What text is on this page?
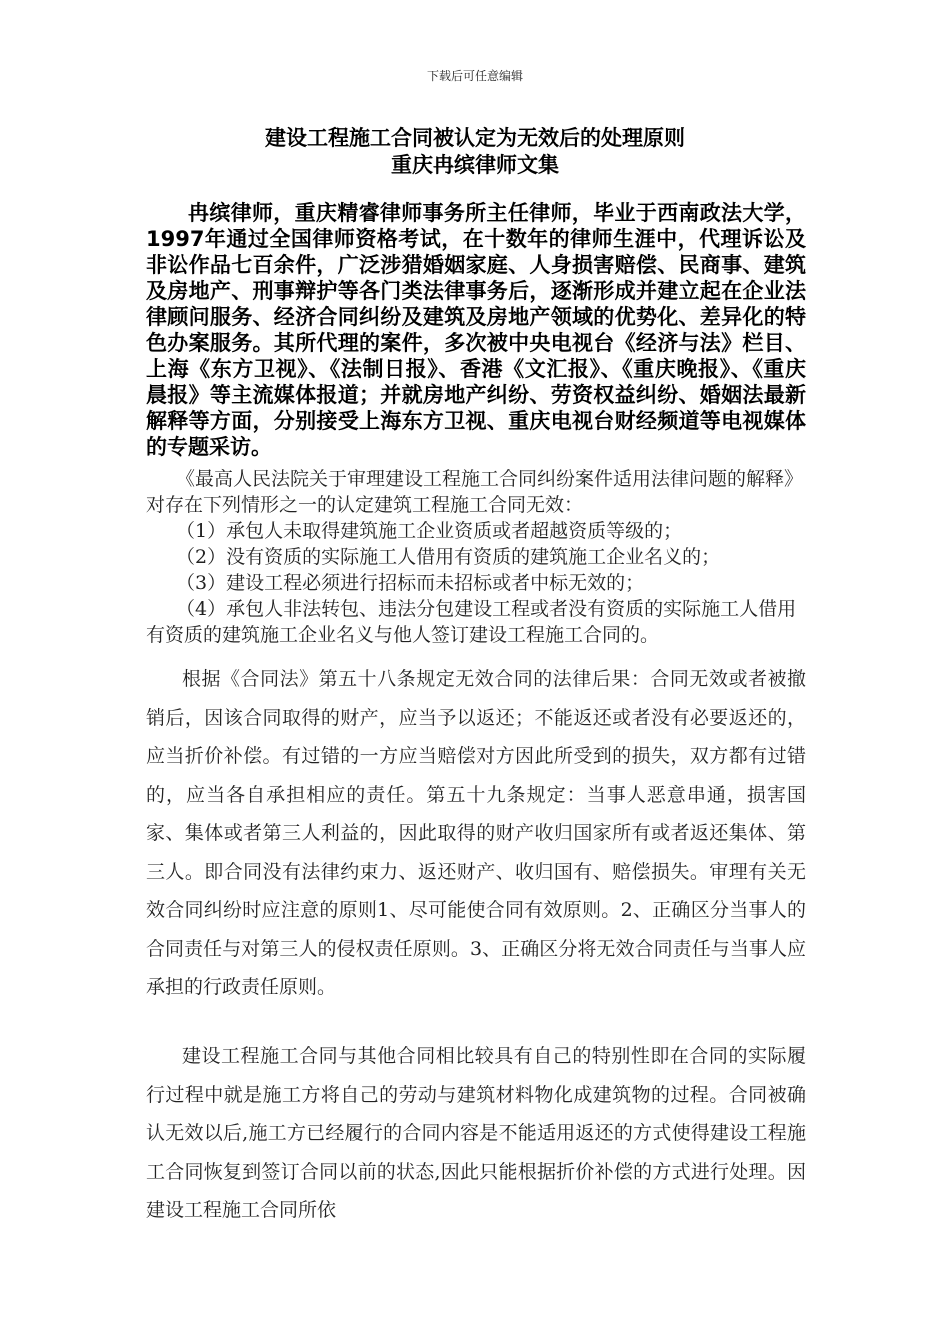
下载后可任意编辑
建设工程施工合同被认定为无效后的处理原则
重庆冉缤律师文集

冉缤律师，重庆精睿律师事务所主任律师，毕业于西南政法大学，1997年通过全国律师资格考试，在十数年的律师生涯中，代理诉讼及非讼作品七百余件，广泛涉猎婚姻家庭、人身损害赔偿、民商事、建筑及房地产、刑事辩护等各门类法律事务后，逐渐形成并建立起在企业法律顾问服务、经济合同纠纷及建筑及房地产领域的优势化、差异化的特色办案服务。其所代理的案件，多次被中央电视台《经济与法》栏目、上海《东方卫视》、《法制日报》、香港《文汇报》、《重庆晚报》、《重庆晨报》等主流媒体报道；并就房地产纠纷、劳资权益纠纷、婚姻法最新解释等方面，分别接受上海东方卫视、重庆电视台财经频道等电视媒体的专题采访。

《最高人民法院关于审理建设工程施工合同纠纷案件适用法律问题的解释》对存在下列情形之一的认定建筑工程施工合同无效：

（1）承包人未取得建筑施工企业资质或者超越资质等级的；

（2）没有资质的实际施工人借用有资质的建筑施工企业名义的；

（3）建设工程必须进行招标而未招标或者中标无效的；

（4）承包人非法转包、违法分包建设工程或者没有资质的实际施工人借用有资质的建筑施工企业名义与他人签订建设工程施工合同的。

根据《合同法》第五十八条规定无效合同的法律后果：合同无效或者被撤销后，因该合同取得的财产，应当予以返还；不能返还或者没有必要返还的，应当折价补偿。有过错的一方应当赔偿对方因此所受到的损失，双方都有过错的，应当各自承担相应的责任。第五十九条规定：当事人恶意串通，损害国家、集体或者第三人利益的，因此取得的财产收归国家所有或者返还集体、第三人。即合同没有法律约束力、返还财产、收归国有、赔偿损失。审理有关无效合同纠纷时应注意的原则1、尽可能使合同有效原则。2、正确区分当事人的合同责任与对第三人的侵权责任原则。3、正确区分将无效合同责任与当事人应承担的行政责任原则。

建设工程施工合同与其他合同相比较具有自己的特别性即在合同的实际履行过程中就是施工方将自己的劳动与建筑材料物化成建筑物的过程。合同被确认无效以后,施工方已经履行的合同内容是不能适用返还的方式使得建设工程施工合同恢复到签订合同以前的状态,因此只能根据折价补偿的方式进行处理。因建设工程施工合同所依
